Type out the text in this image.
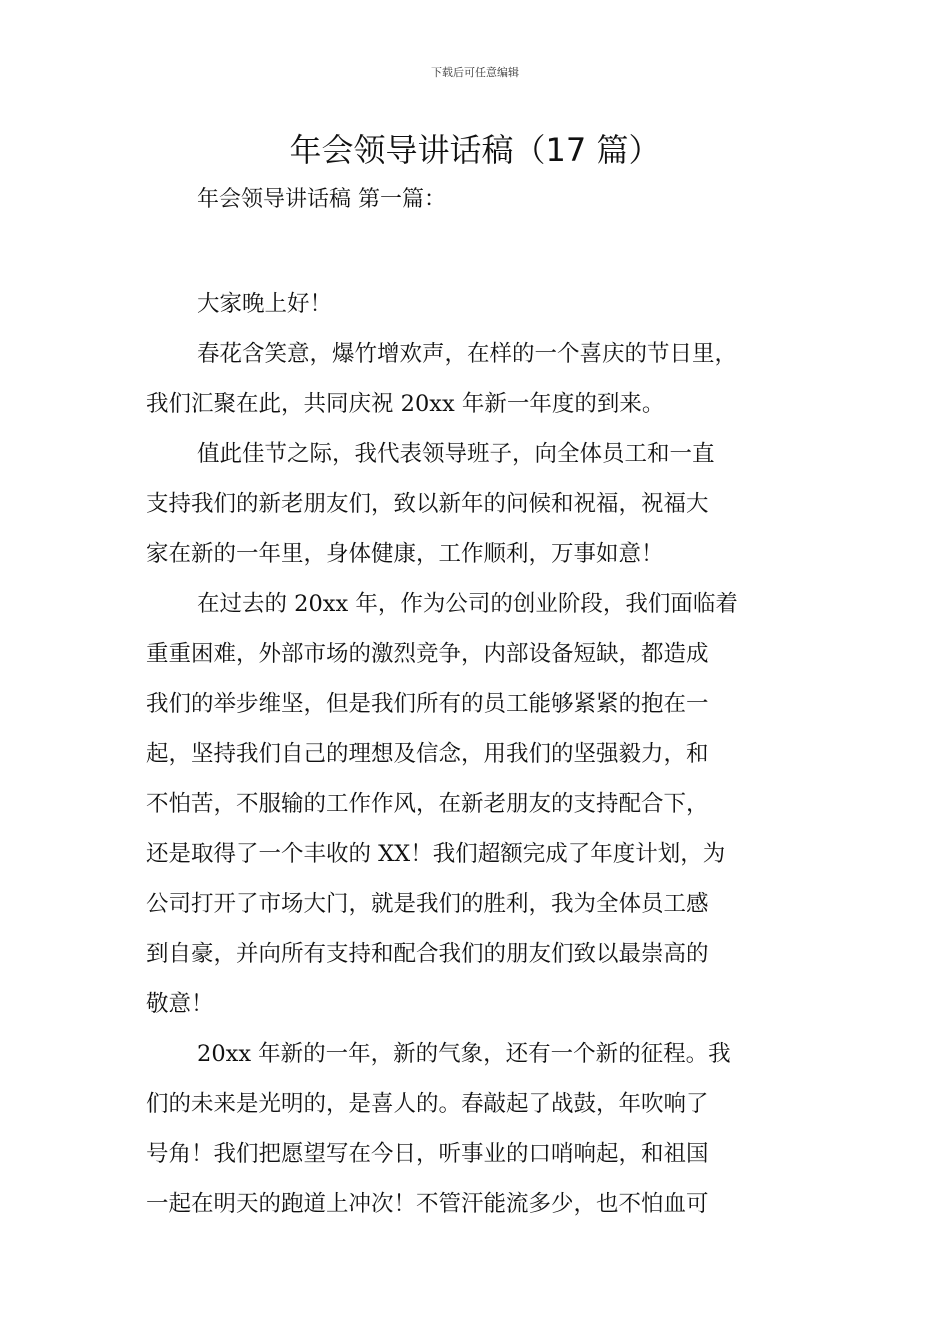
下载后可任意编辑
年会领导讲话稿（17 篇）

年会领导讲话稿 第一篇：

大家晚上好！
春花含笑意，爆竹增欢声，在样的一个喜庆的节日里，
我们汇聚在此，共同庆祝 20xx 年新一年度的到来。
值此佳节之际，我代表领导班子，向全体员工和一直
支持我们的新老朋友们，致以新年的问候和祝福，祝福大
家在新的一年里，身体健康，工作顺利，万事如意！
在过去的 20xx 年，作为公司的创业阶段，我们面临着
重重困难，外部市场的激烈竞争，内部设备短缺，都造成
我们的举步维坚，但是我们所有的员工能够紧紧的抱在一
起，坚持我们自己的理想及信念，用我们的坚强毅力，和
不怕苦，不服输的工作作风，在新老朋友的支持配合下，
还是取得了一个丰收的 XX！我们超额完成了年度计划，为
公司打开了市场大门，就是我们的胜利，我为全体员工感
到自豪，并向所有支持和配合我们的朋友们致以最崇高的
敬意！
20xx 年新的一年，新的气象，还有一个新的征程。我
们的未来是光明的，是喜人的。春敲起了战鼓，年吹响了
号角！我们把愿望写在今日，听事业的口哨响起，和祖国
一起在明天的跑道上冲次！不管汗能流多少，也不怕血可
